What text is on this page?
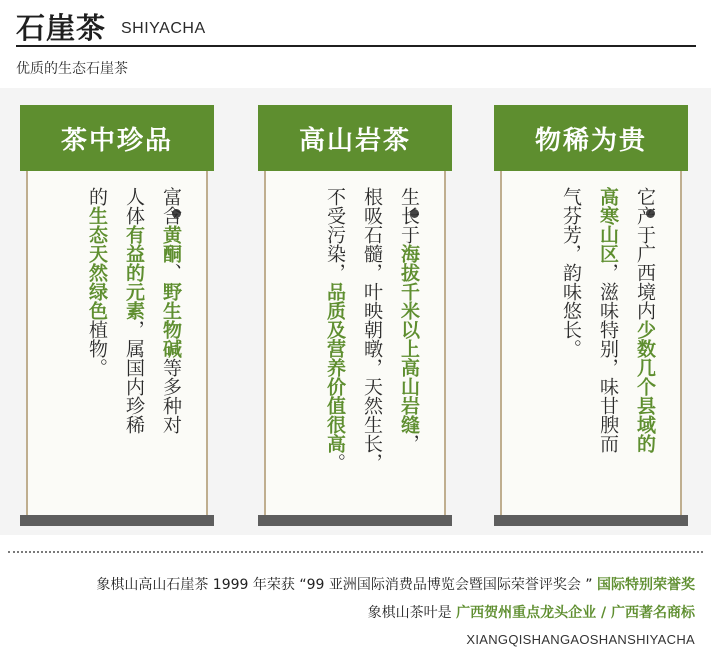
石崖茶 SHIYACHA
优质的生态石崖茶
茶中珍品
富含黄酮、野生物碱等多种对
人体有益的元素，属国内珍稀
的生态天然绿色植物。
高山岩茶
生长于海拔千米以上高山岩缝，
根吸石髓，叶映朝暾，天然生长，
不受污染，品质及营养价值很高。
物稀为贵
它产于广西境内少数几个县域的
高寒山区，滋味特别，味甘腴而
气芬芳，韵味悠长。
象棋山高山石崖茶 1999 年荣获 “99 亚洲国际消费品博览会暨国际荣誉评奖会 ” 国际特别荣誉奖
象棋山茶叶是 广西贺州重点龙头企业 / 广西著名商标
XIANGQISHANGAOSHANSHIYACHA
